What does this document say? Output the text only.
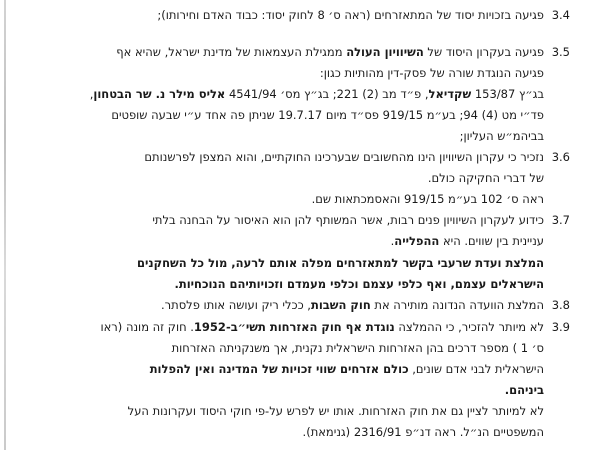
3.4
פגיעה בזכויות יסוד של המתאזרחים (ראה ס׳ 8 לחוק יסוד: כבוד האדם וחירותו);
3.5
פגיעה בעקרון היסוד של השיוויון העולה ממגילת העצמאות של מדינת ישראל, שהיא אף
פגיעה הנוגדת שורה של פסק-דין מהותיות כגון:
בג״ץ 153/87 שקדיאל, פ״ד מב (2) 221; בג״ץ מס׳ 4541/94 אליס מילר נ. שר הבטחון,
פד״י מט (4) 94; בע״מ 919/15 פס״ד מיום 19.7.17 שניתן פה אחד ע״י שבעה שופטים
בביהמ״ש העליון;
3.6
נזכיר כי עקרון השיוויון הינו מהחשובים שבערכינו החוקתיים, והוא המצפן לפרשנותם
של דברי החקיקה כולם.
ראה ס׳ 102 בע״מ 919/15 והאסמכתאות שם.
3.7
כידוע לעקרון השיוויון פנים רבות, אשר המשותף להן הוא האיסור על הבחנה בלתי
עניינית בין שווים. היא ההפלייה.
המלצת ועדת שרעבי בקשר למתאזרחים מפלה אותם לרעה, מול כל השחקנים
הישראלים עצמם, ואף כלפי עצמם וכלפי מעמדם וזכויותיהם הנוכחיות.
3.8
המלצת הוועדה הנדונה מותירה את חוק השבות, ככלי ריק ועושה אותו פלסתר.
3.9
לא מיותר להזכיר, כי ההמלצה נוגדת אף חוק האזרחות תשי״ב-1952. חוק זה מונה (ראו
ס׳ 1 ) מספר דרכים בהן האזרחות הישראלית נקנית, אך משנקניתה האזרחות
הישראלית לבני אדם שונים, כולם אזרחים שווי זכויות של המדינה ואין להפלות
ביניהם.
לא למיותר לציין גם את חוק האזרחות. אותו יש לפרש על-פי חוקי היסוד ועקרונות העל
המשפטיים הנ״ל. ראה דנ״פ 2316/91 (גנימאת).
